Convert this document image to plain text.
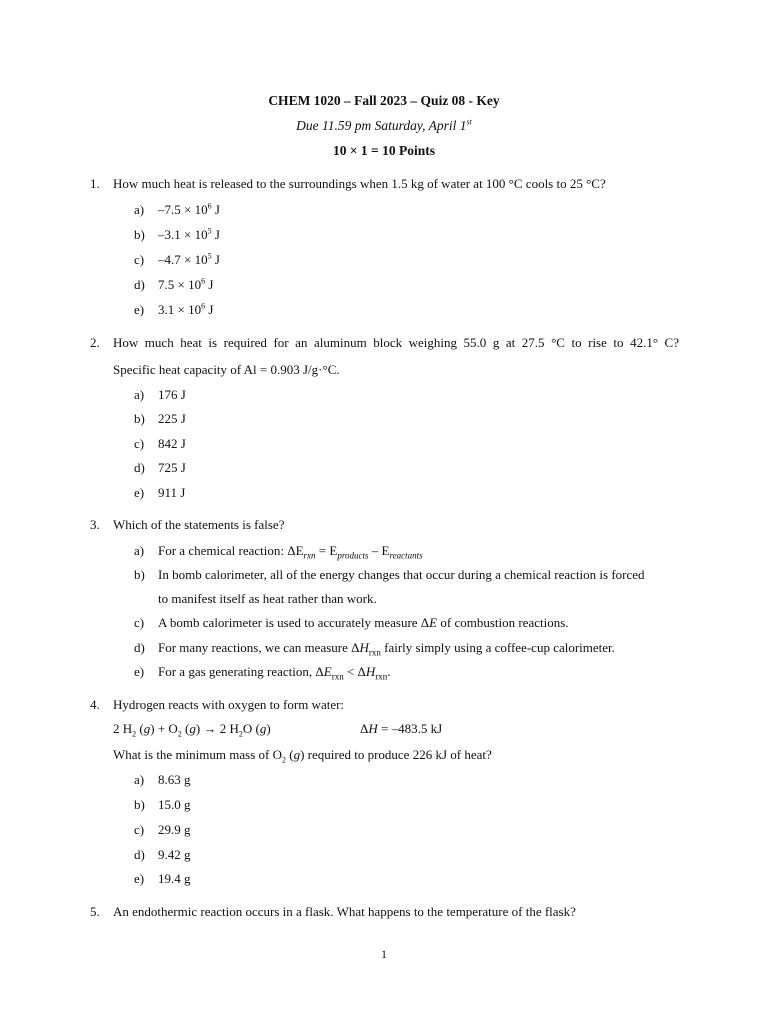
CHEM 1020 – Fall 2023 – Quiz 08 - Key
Due 11.59 pm Saturday, April 1st
10 × 1 = 10 Points
1. How much heat is released to the surroundings when 1.5 kg of water at 100 °C cools to 25 °C?
a) $-7.5 \times 10^6$ J
b) $-3.1 \times 10^5$ J
c) $-4.7 \times 10^5$ J
d) $7.5 \times 10^6$ J
e) $3.1 \times 10^6$ J
2. How much heat is required for an aluminum block weighing 55.0 g at 27.5 °C to rise to 42.1° C?
Specific heat capacity of Al = 0.903 J/g·°C.
a) 176 J
b) 225 J
c) 842 J
d) 725 J
e) 911 J
3. Which of the statements is false?
a) For a chemical reaction: $\Delta E_{rxn} = E_{products} - E_{reactants}$
b) In bomb calorimeter, all of the energy changes that occur during a chemical reaction is forced
to manifest itself as heat rather than work.
c) A bomb calorimeter is used to accurately measure ΔE of combustion reactions.
d) For many reactions, we can measure $\Delta H_{rxn}$ fairly simply using a coffee-cup calorimeter.
e) For a gas generating reaction, $\Delta E_{rxn} < \Delta H_{rxn}$.
4. Hydrogen reacts with oxygen to form water:
2 $H_2$ $(g) + O_2$ (g) → 2 $H_2O$ (g)	ΔH = –483.5 kJ
What is the minimum mass of $O_2$ (g) required to produce 226 kJ of heat?
a) 8.63 g
b) 15.0 g
c) 29.9 g
d) 9.42 g
e) 19.4 g
5. An endothermic reaction occurs in a flask. What happens to the temperature of the flask?
1
